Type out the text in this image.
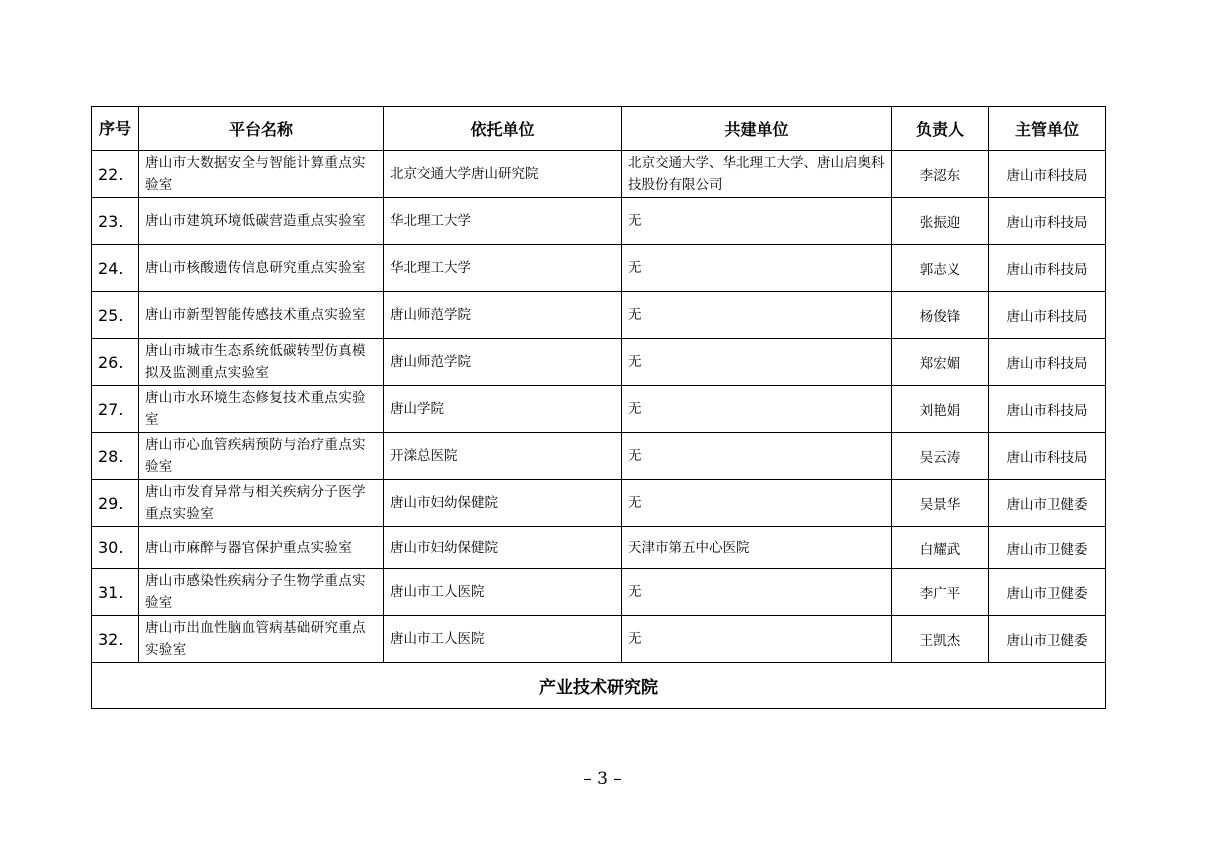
序号	平台名称	依托单位	共建单位	负责人	主管单位
22.	唐山市大数据安全与智能计算重点实验室	北京交通大学唐山研究院	北京交通大学、华北理工大学、唐山启奥科技股份有限公司	李涊东	唐山市科技局
23.	唐山市建筑环境低碳营造重点实验室	华北理工大学	无	张振迎	唐山市科技局
24.	唐山市核酸遗传信息研究重点实验室	华北理工大学	无	郭志义	唐山市科技局
25.	唐山市新型智能传感技术重点实验室	唐山师范学院	无	杨俊锋	唐山市科技局
26.	唐山市城市生态系统低碳转型仿真模拟及监测重点实验室	唐山师范学院	无	郑宏媚	唐山市科技局
27.	唐山市水环境生态修复技术重点实验室	唐山学院	无	刘艳娟	唐山市科技局
28.	唐山市心血管疾病预防与治疗重点实验室	开滦总医院	无	吴云涛	唐山市科技局
29.	唐山市发育异常与相关疾病分子医学重点实验室	唐山市妇幼保健院	无	吴景华	唐山市卫健委
30.	唐山市麻醉与器官保护重点实验室	唐山市妇幼保健院	天津市第五中心医院	白耀武	唐山市卫健委
31.	唐山市感染性疾病分子生物学重点实验室	唐山市工人医院	无	李广平	唐山市卫健委
32.	唐山市出血性脑血管病基础研究重点实验室	唐山市工人医院	无	王凯杰	唐山市卫健委
产业技术研究院					
– 3 –
